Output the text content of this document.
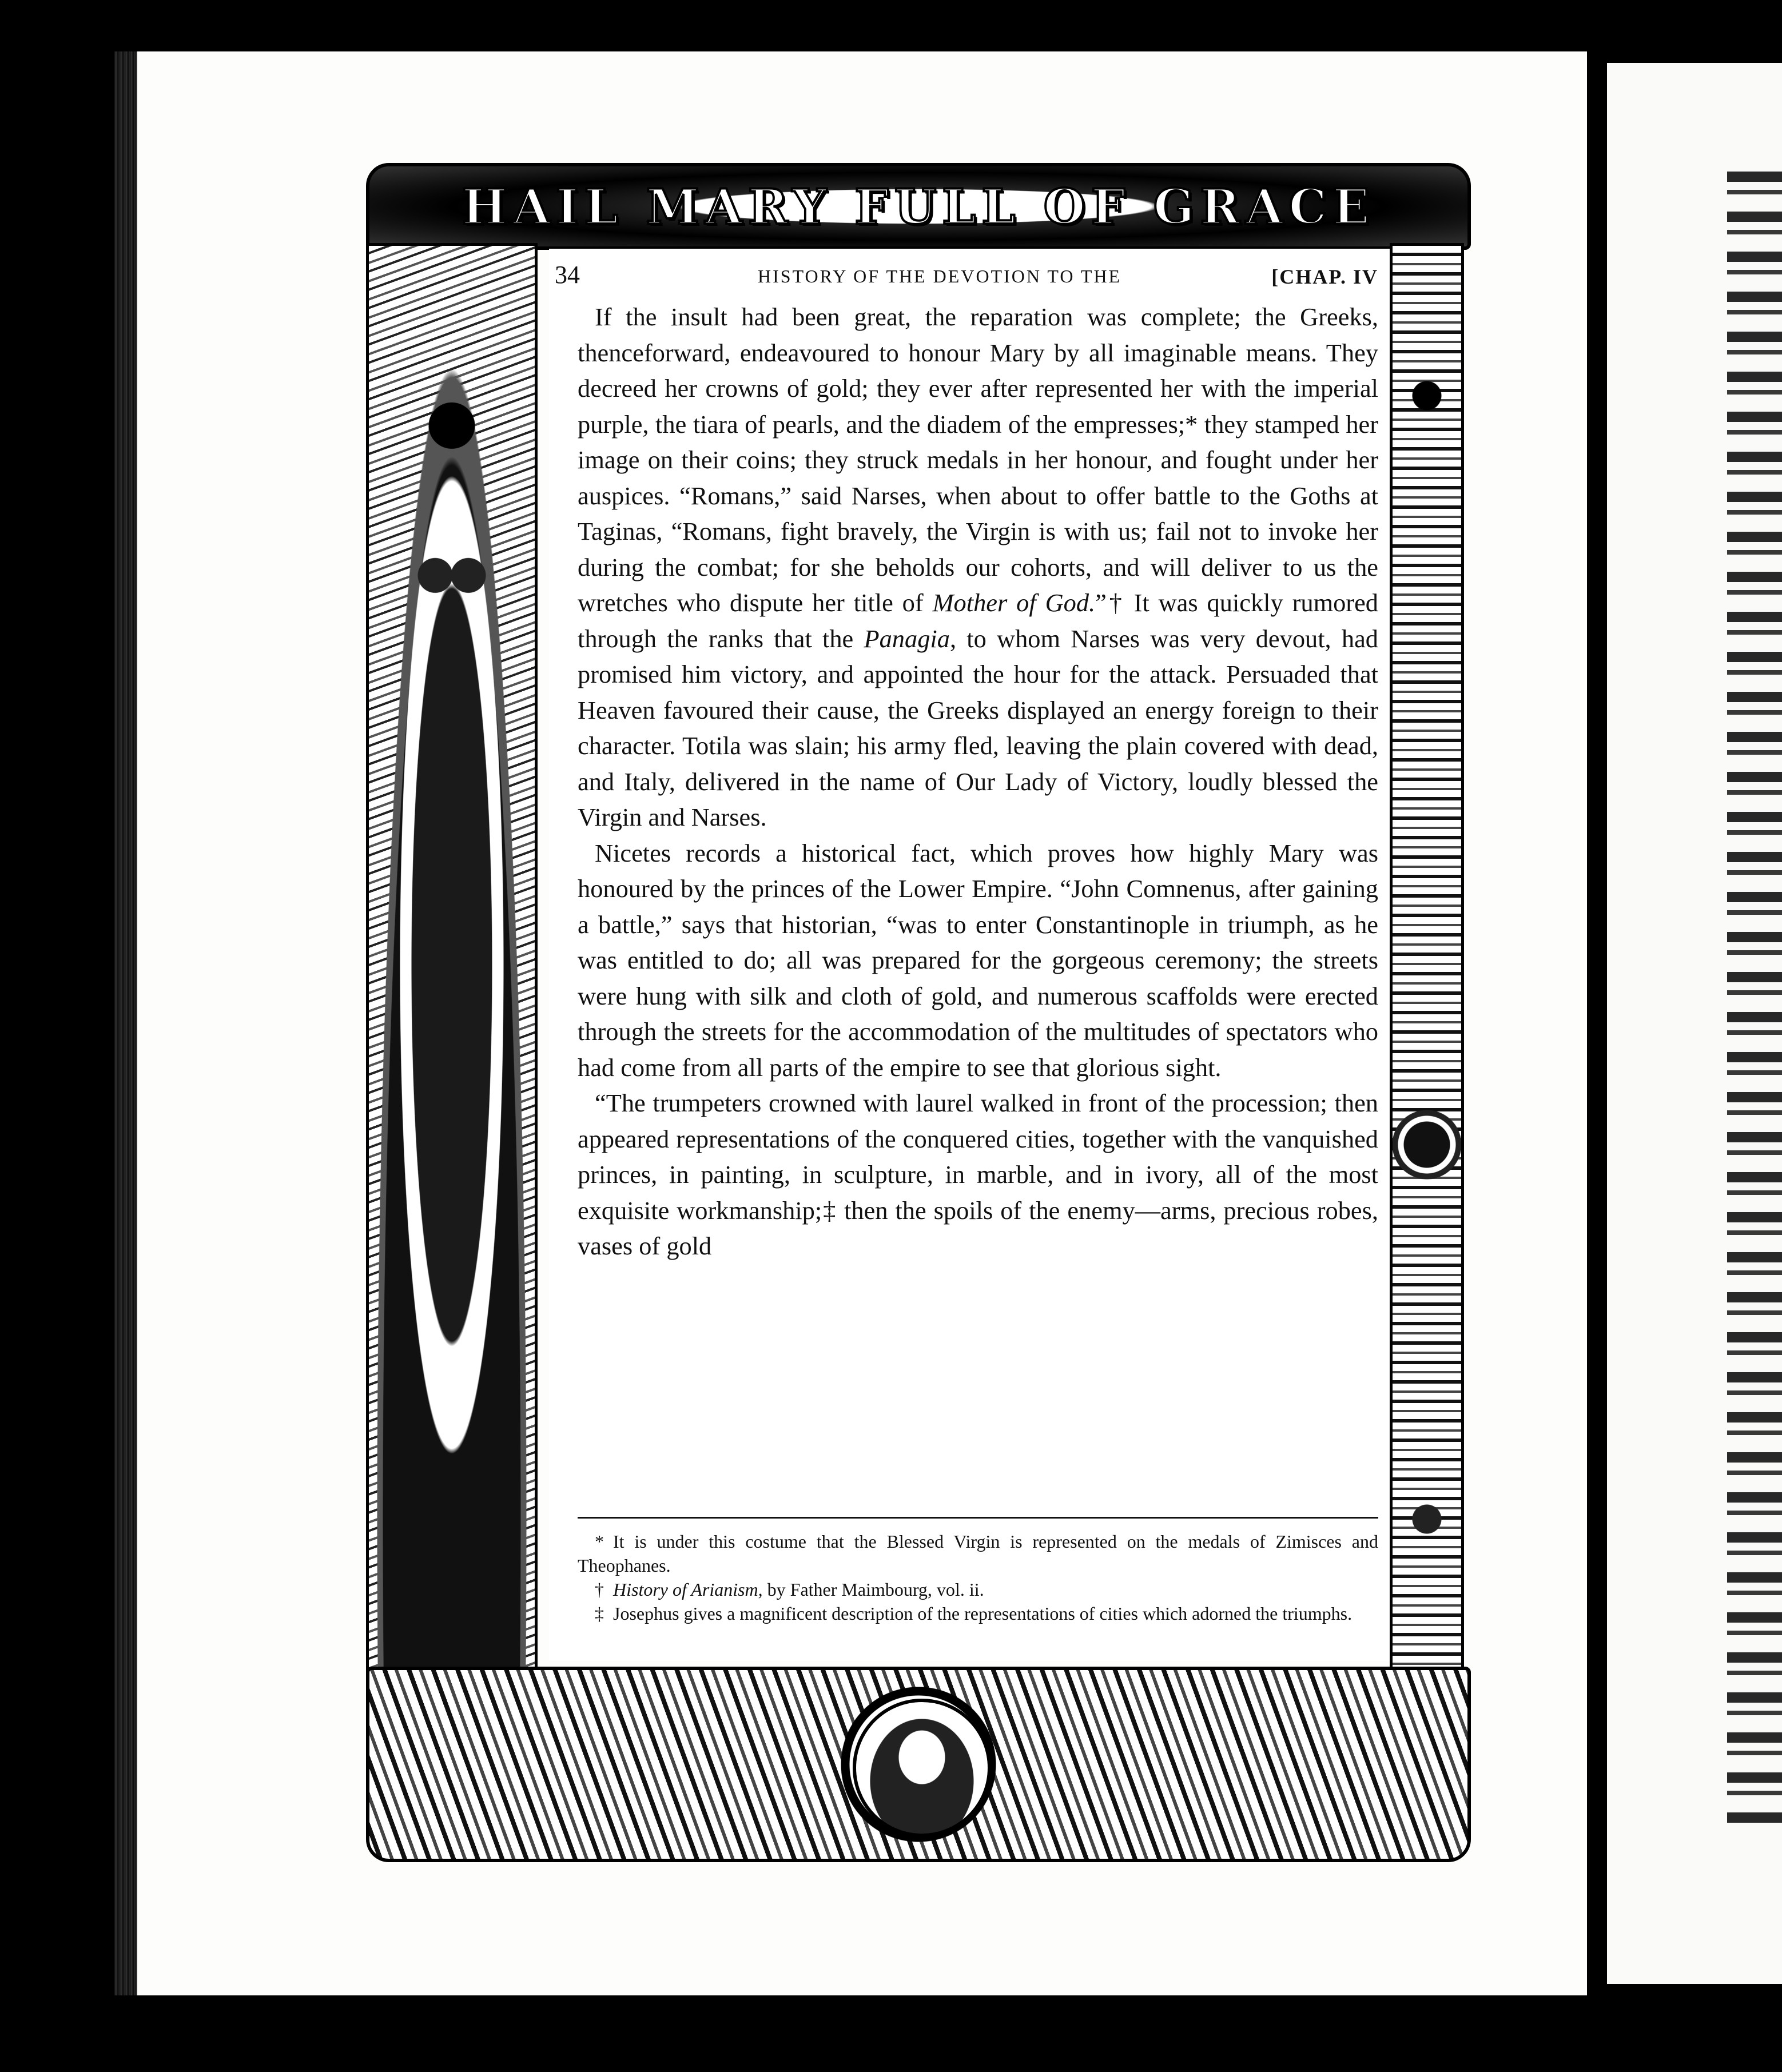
HAIL MARY FULL OF GRACE
34	HISTORY OF THE DEVOTION TO THE	[CHAP. IV

If the insult had been great, the reparation was complete; the Greeks, thenceforward, endeavoured to honour Mary by all imaginable means. They decreed her crowns of gold; they ever after represented her with the imperial purple, the tiara of pearls, and the diadem of the empresses;* they stamped her image on their coins; they struck medals in her honour, and fought under her auspices. “Romans,” said Narses, when about to offer battle to the Goths at Taginas, “Romans, fight bravely, the Virgin is with us; fail not to invoke her during the combat; for she beholds our cohorts, and will deliver to us the wretches who dispute her title of Mother of God.”† It was quickly rumored through the ranks that the Panagia, to whom Narses was very devout, had promised him victory, and appointed the hour for the attack. Persuaded that Heaven favoured their cause, the Greeks displayed an energy foreign to their character. Totila was slain; his army fled, leaving the plain covered with dead, and Italy, delivered in the name of Our Lady of Victory, loudly blessed the Virgin and Narses.

Nicetes records a historical fact, which proves how highly Mary was honoured by the princes of the Lower Empire. “John Comnenus, after gaining a battle,” says that historian, “was to enter Constantinople in triumph, as he was entitled to do; all was prepared for the gorgeous ceremony; the streets were hung with silk and cloth of gold, and numerous scaffolds were erected through the streets for the accommodation of the multitudes of spectators who had come from all parts of the empire to see that glorious sight.

“The trumpeters crowned with laurel walked in front of the procession; then appeared representations of the conquered cities, together with the vanquished princes, in painting, in sculpture, in marble, and in ivory, all of the most exquisite workmanship;‡ then the spoils of the enemy—arms, precious robes, vases of gold

* It is under this costume that the Blessed Virgin is represented on the medals of Zimisces and Theophanes.

† History of Arianism, by Father Maimbourg, vol. ii.

‡ Josephus gives a magnificent description of the representations of cities which adorned the triumphs.
